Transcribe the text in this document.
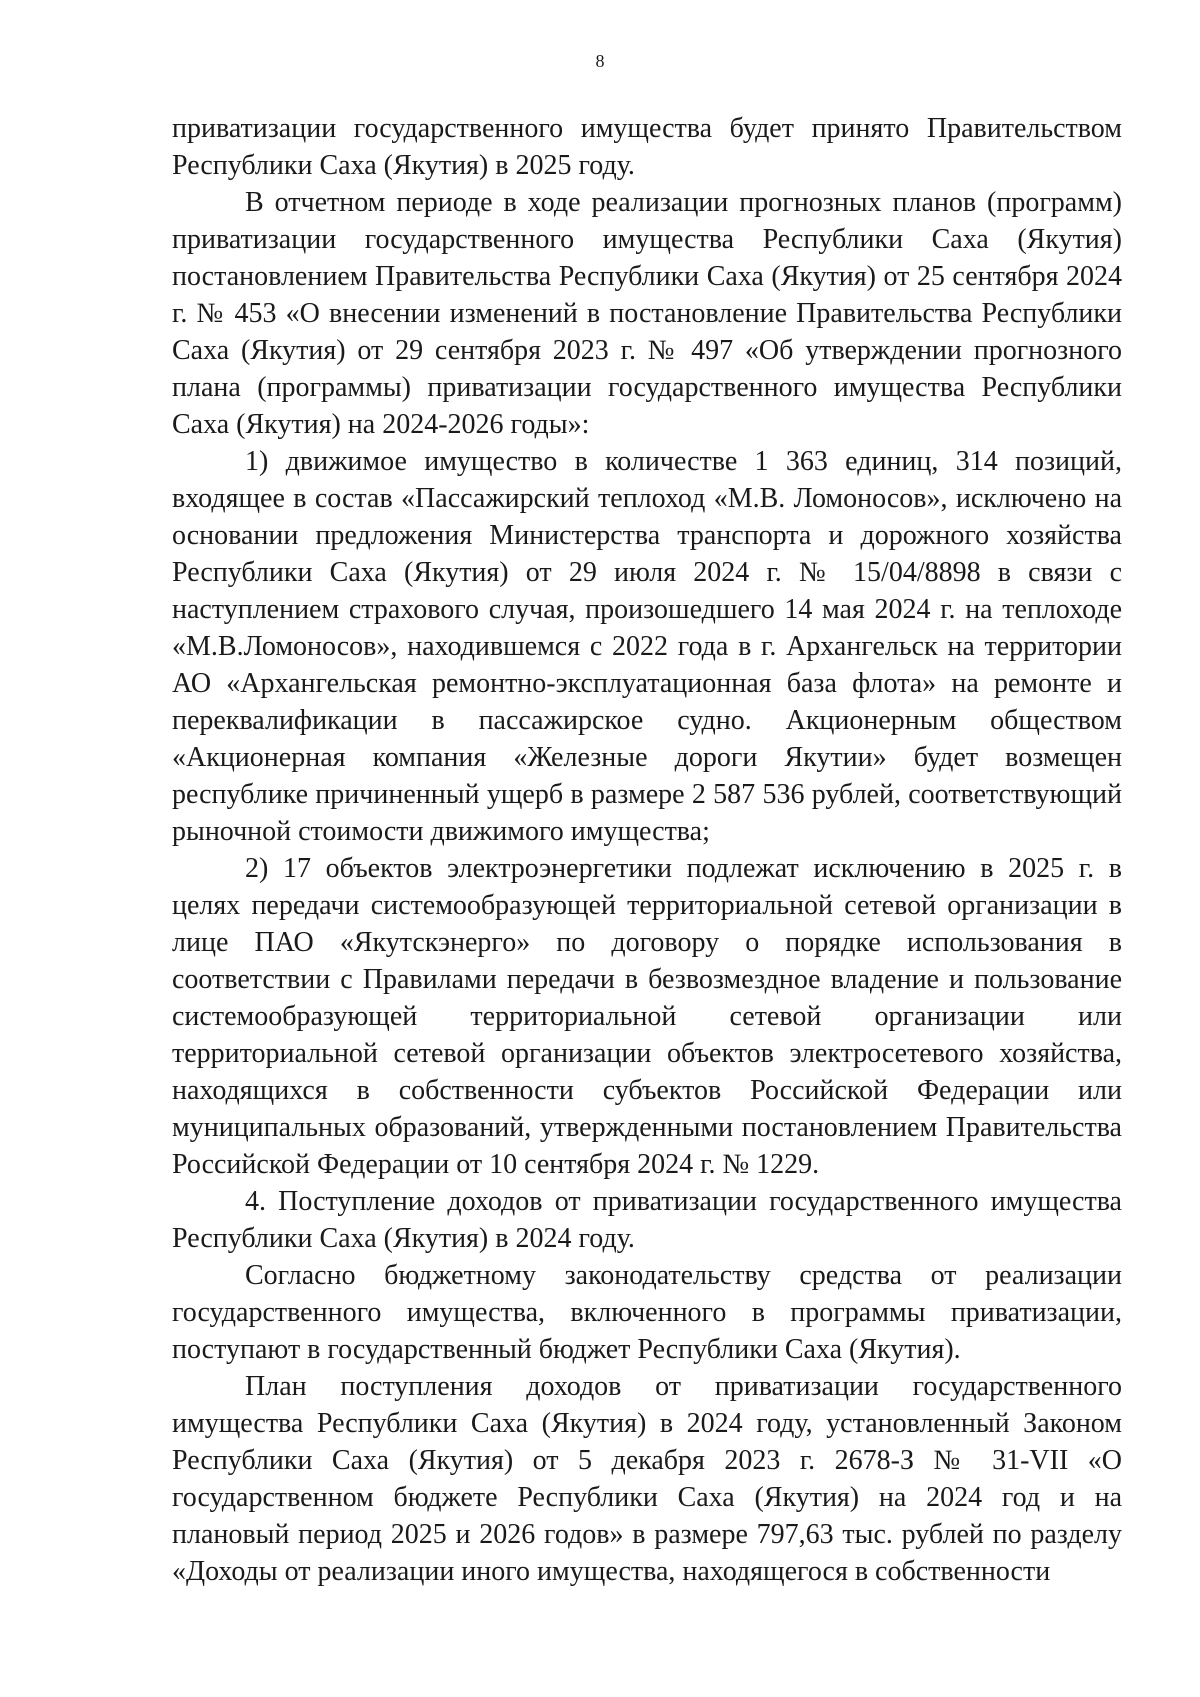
8

приватизации государственного имущества будет принято Правительством Республики Саха (Якутия) в 2025 году.

В отчетном периоде в ходе реализации прогнозных планов (программ) приватизации государственного имущества Республики Саха (Якутия) постановлением Правительства Республики Саха (Якутия) от 25 сентября 2024 г. № 453 «О внесении изменений в постановление Правительства Республики Саха (Якутия) от 29 сентября 2023 г. № 497 «Об утверждении прогнозного плана (программы) приватизации государственного имущества Республики Саха (Якутия) на 2024-2026 годы»:

1) движимое имущество в количестве 1 363 единиц, 314 позиций, входящее в состав «Пассажирский теплоход «М.В. Ломоносов», исключено на основании предложения Министерства транспорта и дорожного хозяйства Республики Саха (Якутия) от 29 июля 2024 г. № 15/04/8898 в связи с наступлением страхового случая, произошедшего 14 мая 2024 г. на теплоходе «М.В.Ломоносов», находившемся с 2022 года в г. Архангельск на территории АО «Архангельская ремонтно-эксплуатационная база флота» на ремонте и переквалификации в пассажирское судно. Акционерным обществом «Акционерная компания «Железные дороги Якутии» будет возмещен республике причиненный ущерб в размере 2 587 536 рублей, соответствующий рыночной стоимости движимого имущества;

2) 17 объектов электроэнергетики подлежат исключению в 2025 г. в целях передачи системообразующей территориальной сетевой организации в лице ПАО «Якутскэнерго» по договору о порядке использования в соответствии с Правилами передачи в безвозмездное владение и пользование системообразующей территориальной сетевой организации или территориальной сетевой организации объектов электросетевого хозяйства, находящихся в собственности субъектов Российской Федерации или муниципальных образований, утвержденными постановлением Правительства Российской Федерации от 10 сентября 2024 г. № 1229.

4. Поступление доходов от приватизации государственного имущества Республики Саха (Якутия) в 2024 году.

Согласно бюджетному законодательству средства от реализации государственного имущества, включенного в программы приватизации, поступают в государственный бюджет Республики Саха (Якутия).

План поступления доходов от приватизации государственного имущества Республики Саха (Якутия) в 2024 году, установленный Законом Республики Саха (Якутия) от 5 декабря 2023 г. 2678-З № 31-VII «О государственном бюджете Республики Саха (Якутия) на 2024 год и на плановый период 2025 и 2026 годов» в размере 797,63 тыс. рублей по разделу «Доходы от реализации иного имущества, находящегося в собственности
